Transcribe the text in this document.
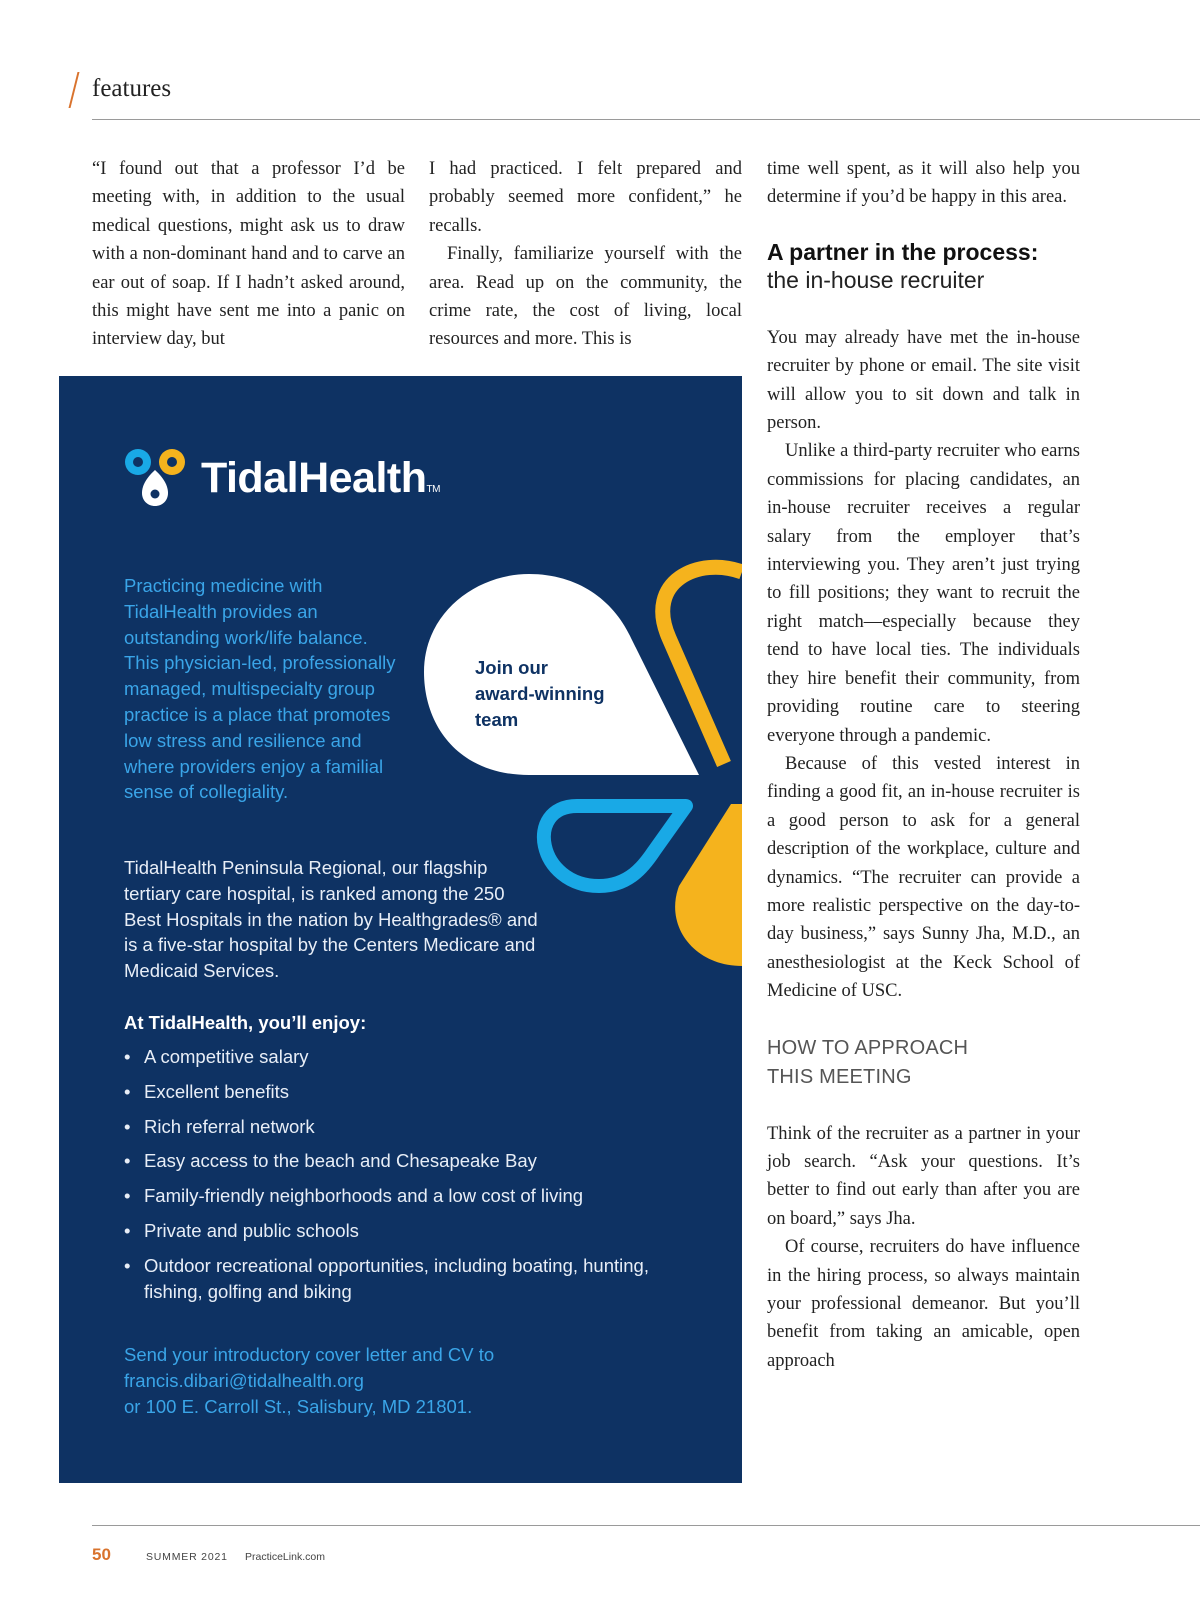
features

“I found out that a professor I’d be meeting with, in addition to the usual medical questions, might ask us to draw with a non-dominant hand and to carve an ear out of soap. If I hadn’t asked around, this might have sent me into a panic on interview day, but

I had practiced. I felt prepared and probably seemed more confident,” he recalls.

Finally, familiarize yourself with the area. Read up on the community, the crime rate, the cost of living, local resources and more. This is

time well spent, as it will also help you determine if you’d be happy in this area.

A partner in the process:
the in-house recruiter

You may already have met the in-house recruiter by phone or email. The site visit will allow you to sit down and talk in person.

Unlike a third-party recruiter who earns commissions for placing candidates, an in-house recruiter receives a regular salary from the employer that’s interviewing you. They aren’t just trying to fill positions; they want to recruit the right match—especially because they tend to have local ties. The individuals they hire benefit their community, from providing routine care to steering everyone through a pandemic.

Because of this vested interest in finding a good fit, an in-house recruiter is a good person to ask for a general description of the workplace, culture and dynamics. “The recruiter can provide a more realistic perspective on the day-to-day business,” says Sunny Jha, M.D., an anesthesiologist at the Keck School of Medicine of USC.

HOW TO APPROACH
THIS MEETING

Think of the recruiter as a partner in your job search. “Ask your questions. It’s better to find out early than after you are on board,” says Jha.

Of course, recruiters do have influence in the hiring process, so always maintain your professional demeanor. But you’ll benefit from taking an amicable, open approach

TidalHealthTM
Practicing medicine with TidalHealth provides an outstanding work/life balance. This physician-led, professionally managed, multispecialty group practice is a place that promotes low stress and resilience and where providers enjoy a familial sense of collegiality.
Join our
award-winning
team
TidalHealth Peninsula Regional, our flagship tertiary care hospital, is ranked among the 250 Best Hospitals in the nation by Healthgrades® and is a five-star hospital by the Centers Medicare and Medicaid Services.
At TidalHealth, you’ll enjoy:
• A competitive salary
• Excellent benefits
• Rich referral network
• Easy access to the beach and Chesapeake Bay
• Family-friendly neighborhoods and a low cost of living
• Private and public schools
• Outdoor recreational opportunities, including boating, hunting, fishing, golfing and biking
Send your introductory cover letter and CV to
francis.dibari@tidalhealth.org
or 100 E. Carroll St., Salisbury, MD 21801.
50	SUMMER 2021 PracticeLink.com
